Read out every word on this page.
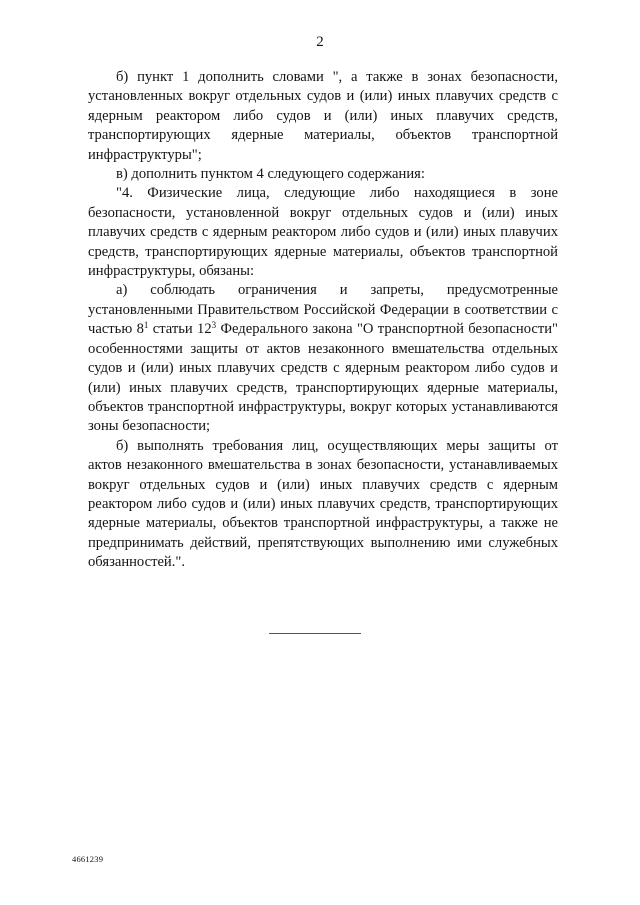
2

б) пункт 1 дополнить словами ", а также в зонах безопасности, установленных вокруг отдельных судов и (или) иных плавучих средств с ядерным реактором либо судов и (или) иных плавучих средств, транспортирующих ядерные материалы, объектов транспортной инфраструктуры";

в) дополнить пунктом 4 следующего содержания:

"4. Физические лица, следующие либо находящиеся в зоне безопасности, установленной вокруг отдельных судов и (или) иных плавучих средств с ядерным реактором либо судов и (или) иных плавучих средств, транспортирующих ядерные материалы, объектов транспортной инфраструктуры, обязаны:

а) соблюдать ограничения и запреты, предусмотренные установленными Правительством Российской Федерации в соответствии с частью $8^1$ статьи $12^3$ Федерального закона "О транспортной безопасности" особенностями защиты от актов незаконного вмешательства отдельных судов и (или) иных плавучих средств с ядерным реактором либо судов и (или) иных плавучих средств, транспортирующих ядерные материалы, объектов транспортной инфраструктуры, вокруг которых устанавливаются зоны безопасности;

б) выполнять требования лиц, осуществляющих меры защиты от актов незаконного вмешательства в зонах безопасности, устанавливаемых вокруг отдельных судов и (или) иных плавучих средств с ядерным реактором либо судов и (или) иных плавучих средств, транспортирующих ядерные материалы, объектов транспортной инфраструктуры, а также не предпринимать действий, препятствующих выполнению ими служебных обязанностей.".

4661239
